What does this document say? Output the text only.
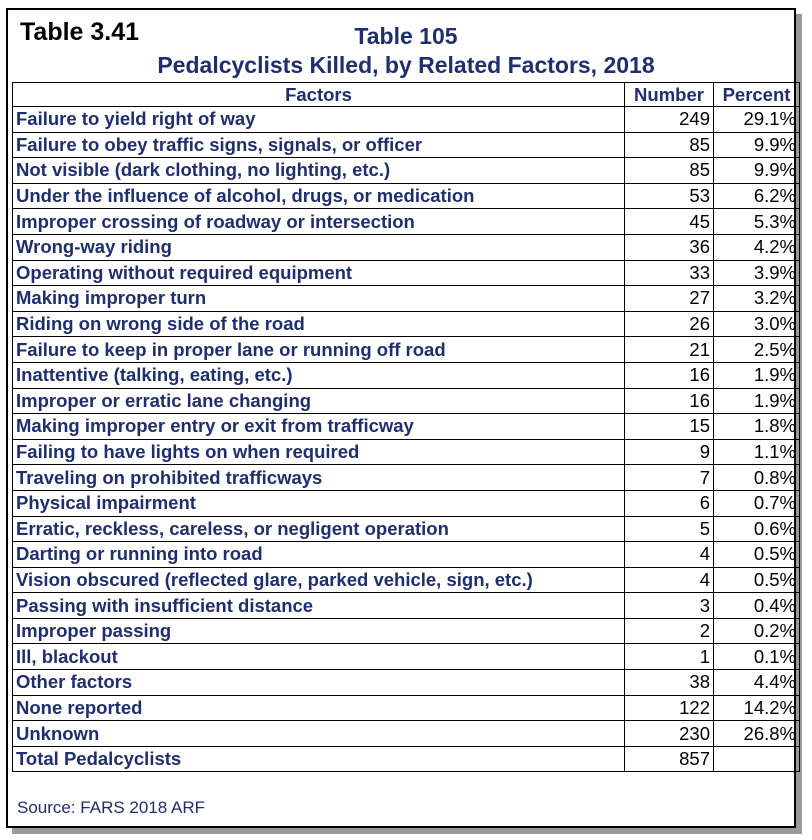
Table 3.41	Table 105
Pedalcyclists Killed, by Related Factors, 2018
Factors	Number	Percent
Failure to yield right of way	249	29.1%
Failure to obey traffic signs, signals, or officer	85	9.9%
Not visible (dark clothing, no lighting, etc.)	85	9.9%
Under the influence of alcohol, drugs, or medication	53	6.2%
Improper crossing of roadway or intersection	45	5.3%
Wrong-way riding	36	4.2%
Operating without required equipment	33	3.9%
Making improper turn	27	3.2%
Riding on wrong side of the road	26	3.0%
Failure to keep in proper lane or running off road	21	2.5%
Inattentive (talking, eating, etc.)	16	1.9%
Improper or erratic lane changing	16	1.9%
Making improper entry or exit from trafficway	15	1.8%
Failing to have lights on when required	9	1.1%
Traveling on prohibited trafficways	7	0.8%
Physical impairment	6	0.7%
Erratic, reckless, careless, or negligent operation	5	0.6%
Darting or running into road	4	0.5%
Vision obscured (reflected glare, parked vehicle, sign, etc.)	4	0.5%
Passing with insufficient distance	3	0.4%
Improper passing	2	0.2%
Ill, blackout	1	0.1%
Other factors	38	4.4%
None reported	122	14.2%
Unknown	230	26.8%
Total Pedalcyclists	857	
Source: FARS 2018 ARF
